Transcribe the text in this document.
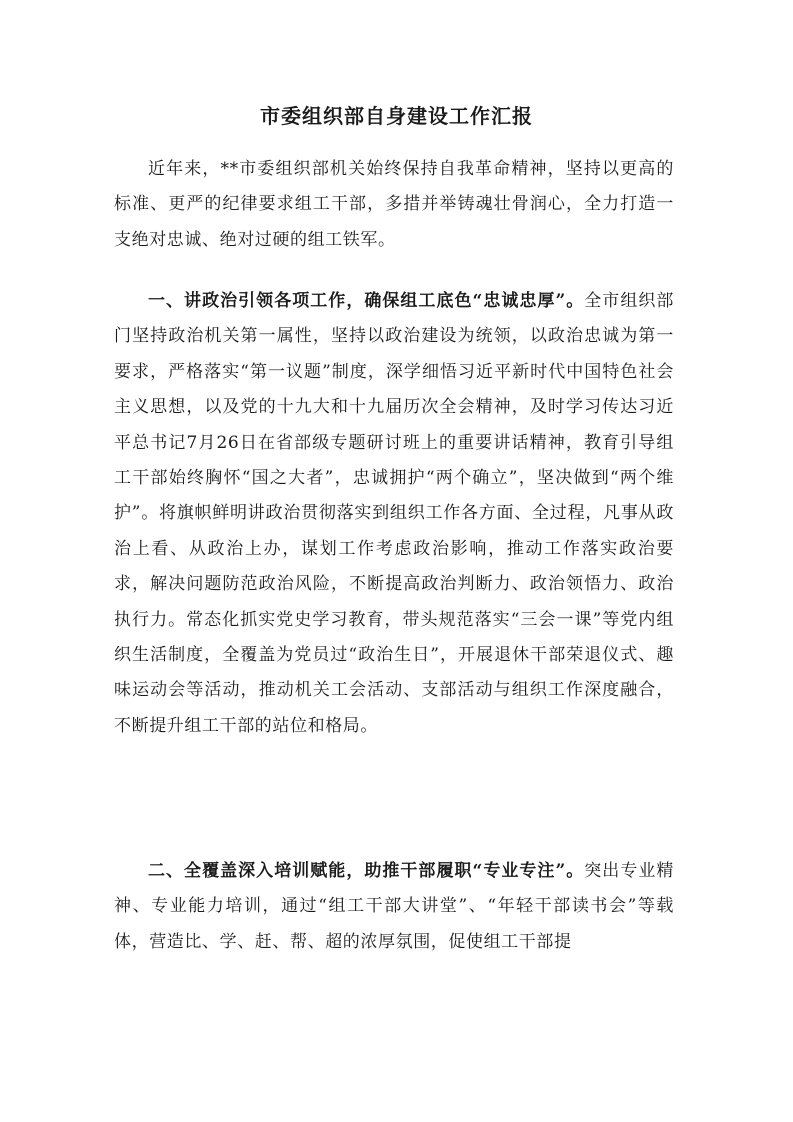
市委组织部自身建设工作汇报

近年来，**市委组织部机关始终保持自我革命精神，坚持以更高的标准、更严的纪律要求组工干部，多措并举铸魂壮骨润心，全力打造一支绝对忠诚、绝对过硬的组工铁军。

一、讲政治引领各项工作，确保组工底色“忠诚忠厚”。全市组织部门坚持政治机关第一属性，坚持以政治建设为统领，以政治忠诚为第一要求，严格落实“第一议题”制度，深学细悟习近平新时代中国特色社会主义思想，以及党的十九大和十九届历次全会精神，及时学习传达习近平总书记7月26日在省部级专题研讨班上的重要讲话精神，教育引导组工干部始终胸怀“国之大者”，忠诚拥护“两个确立”，坚决做到“两个维护”。将旗帜鲜明讲政治贯彻落实到组织工作各方面、全过程，凡事从政治上看、从政治上办，谋划工作考虑政治影响，推动工作落实政治要求，解决问题防范政治风险，不断提高政治判断力、政治领悟力、政治执行力。常态化抓实党史学习教育，带头规范落实“三会一课”等党内组织生活制度，全覆盖为党员过“政治生日”，开展退休干部荣退仪式、趣味运动会等活动，推动机关工会活动、支部活动与组织工作深度融合，不断提升组工干部的站位和格局。

二、全覆盖深入培训赋能，助推干部履职“专业专注”。突出专业精神、专业能力培训，通过“组工干部大讲堂”、“年轻干部读书会”等载体，营造比、学、赶、帮、超的浓厚氛围，促使组工干部提
